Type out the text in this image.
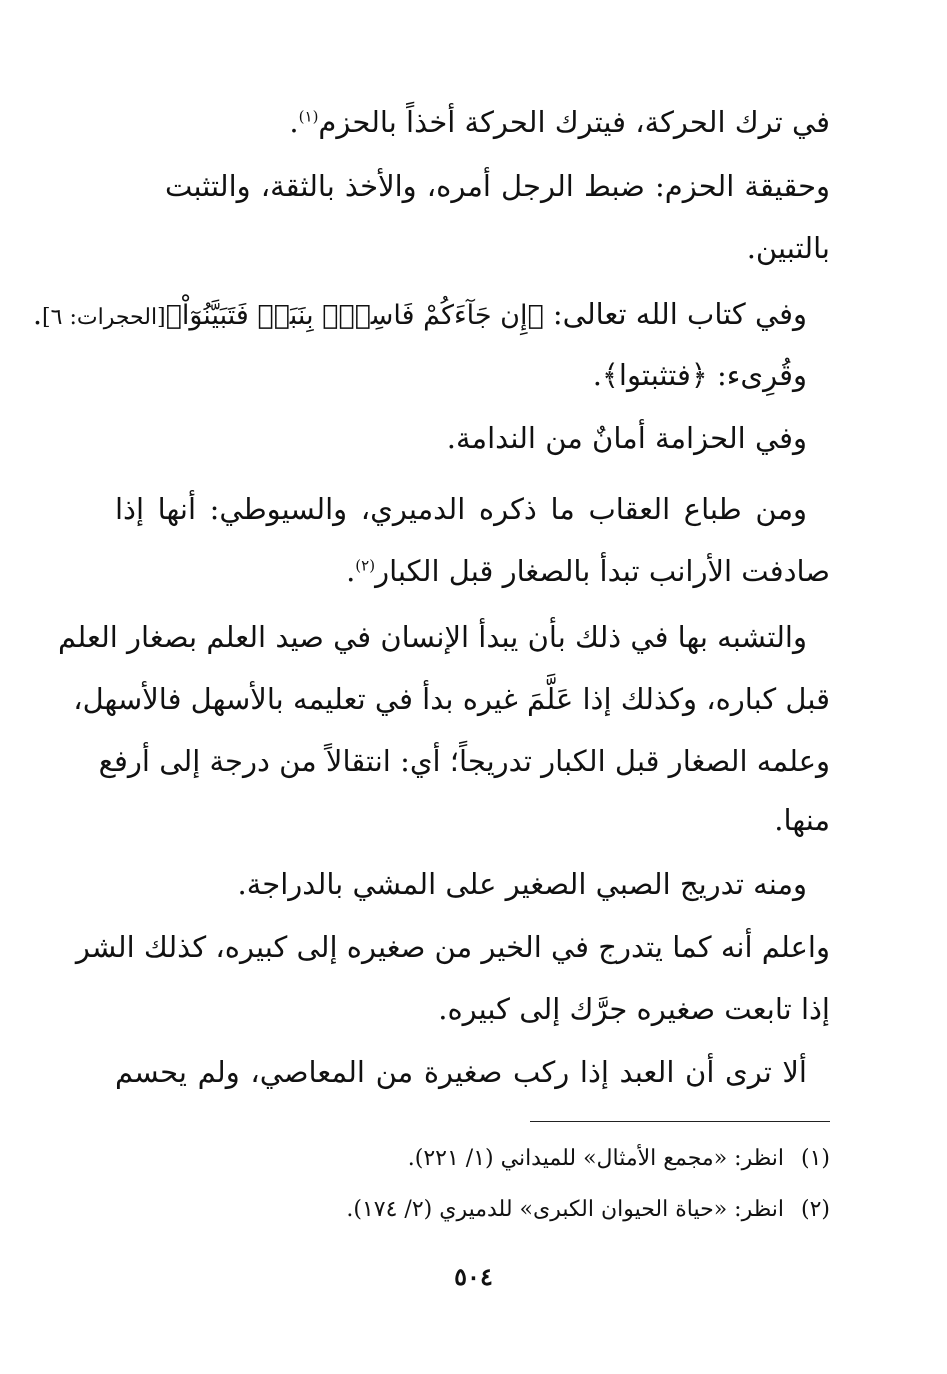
في ترك الحركة، فيترك الحركة أخذاً بالحزم$^{(١)}$.
وحقيقة الحزم: ضبط الرجل أمره، والأخذ بالثقة، والتثبت
بالتبين.
وفي كتاب الله تعالى: ﴿إِن جَآءَكُمْ فَاسِقُۢ بِنَبَإٖ فَتَبَيَّنُوٓاْ﴾[الحجرات: ٦].
وقُرِىء: ﴿فتثبتوا﴾.
وفي الحزامة أمانٌ من الندامة.
ومن طباع العقاب ما ذكره الدميري، والسيوطي: أنها إذا
صادفت الأرانب تبدأ بالصغار قبل الكبار$^{(٢)}$.
والتشبه بها في ذلك بأن يبدأ الإنسان في صيد العلم بصغار العلم
قبل كباره، وكذلك إذا عَلَّمَ غيره بدأ في تعليمه بالأسهل فالأسهل،
وعلمه الصغار قبل الكبار تدريجاً؛ أي: انتقالاً من درجة إلى أرفع
منها.
ومنه تدريج الصبي الصغير على المشي بالدراجة.
واعلم أنه كما يتدرج في الخير من صغيره إلى كبيره، كذلك الشر
إذا تابعت صغيره جرَّك إلى كبيره.
ألا ترى أن العبد إذا ركب صغيرة من المعاصي، ولم يحسم
(١)انظر: «مجمع الأمثال» للميداني (١/ ٢٢١).
(٢)انظر: «حياة الحيوان الكبرى» للدميري (٢/ ١٧٤).
٥٠٤
